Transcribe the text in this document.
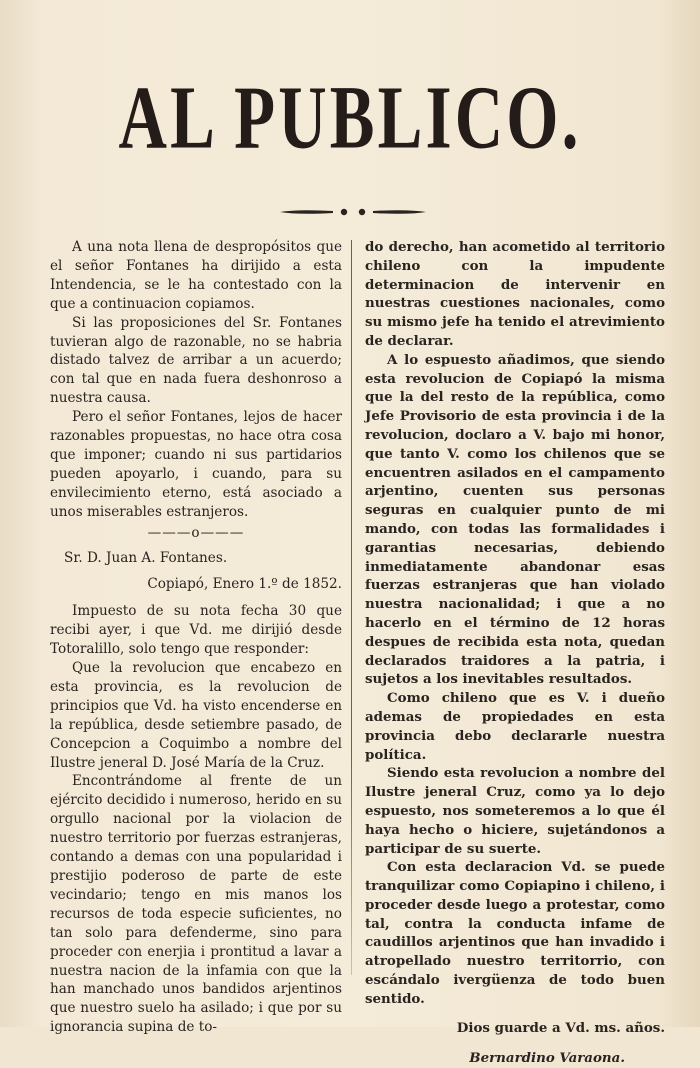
AL PUBLICO.

A una nota llena de despropósitos que el señor Fontanes ha dirijido a esta Intendencia, se le ha contestado con la que a continuacion copiamos.

Si las proposiciones del Sr. Fontanes tuvieran algo de razonable, no se habria distado talvez de arribar a un acuerdo; con tal que en nada fuera deshonroso a nuestra causa.

Pero el señor Fontanes, lejos de hacer razonables propuestas, no hace otra cosa que imponer; cuando ni sus partidarios pueden apoyarlo, i cuando, para su envilecimiento eterno, está asociado a unos miserables estranjeros.

———o———

Sr. D. Juan A. Fontanes.

Copiapó, Enero 1.º de 1852.

Impuesto de su nota fecha 30 que recibi ayer, i que Vd. me dirijió desde Totoralillo, solo tengo que responder:

Que la revolucion que encabezo en esta provincia, es la revolucion de principios que Vd. ha visto encenderse en la república, desde setiembre pasado, de Concepcion a Coquimbo a nombre del Ilustre jeneral D. José María de la Cruz.

Encontrándome al frente de un ejército decidido i numeroso, herido en su orgullo nacional por la violacion de nuestro territorio por fuerzas estranjeras, contando a demas con una popularidad i prestijio poderoso de parte de este vecindario; tengo en mis manos los recursos de toda especie suficientes, no tan solo para defenderme, sino para proceder con enerjia i prontitud a lavar a nuestra nacion de la infamia con que la han manchado unos bandidos arjentinos que nuestro suelo ha asilado; i que por su ignorancia supina de to-

do derecho, han acometido al territorio chileno con la impudente determinacion de intervenir en nuestras cuestiones nacionales, como su mismo jefe ha tenido el atrevimiento de declarar.

A lo espuesto añadimos, que siendo esta revolucion de Copiapó la misma que la del resto de la república, como Jefe Provisorio de esta provincia i de la revolucion, doclaro a V. bajo mi honor, que tanto V. como los chilenos que se encuentren asilados en el campamento arjentino, cuenten sus personas seguras en cualquier punto de mi mando, con todas las formalidades i garantias necesarias, debiendo inmediatamente abandonar esas fuerzas estranjeras que han violado nuestra nacionalidad; i que a no hacerlo en el término de 12 horas despues de recibida esta nota, quedan declarados traidores a la patria, i sujetos a los inevitables resultados.

Como chileno que es V. i dueño ademas de propiedades en esta provincia debo declararle nuestra política.

Siendo esta revolucion a nombre del Ilustre jeneral Cruz, como ya lo dejo espuesto, nos someteremos a lo que él haya hecho o hiciere, sujetándonos a participar de su suerte.

Con esta declaracion Vd. se puede tranquilizar como Copiapino i chileno, i proceder desde luego a protestar, como tal, contra la conducta infame de caudillos arjentinos que han invadido i atropellado nuestro territorrio, con escándalo ivergüenza de todo buen sentido.

Dios guarde a Vd. ms. años.

Bernardino Varaona.
